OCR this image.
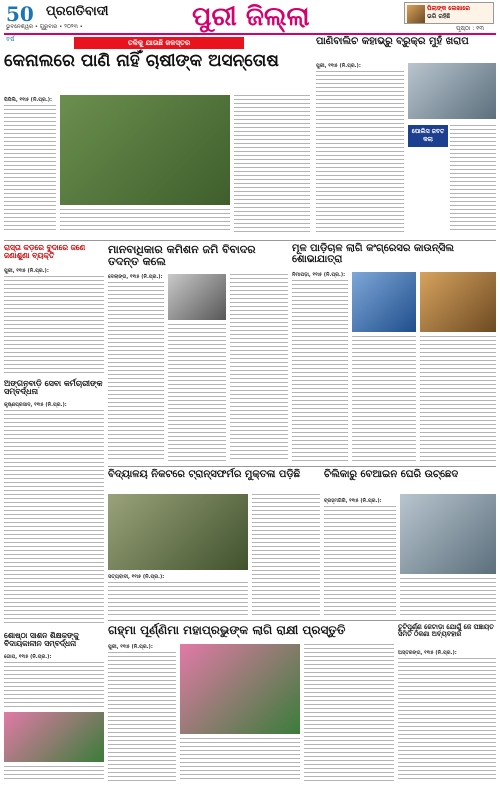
50 ବର୍ଷ
ପ୍ରଗତିବାଦୀ
ଭୁବନେଶ୍ୱର • ଗୁରୁବାର • ୨୦୨୩ •	ପୁରୀ ଜିଲ୍ଲା	ପିଲାଙ୍କ ଲେଖାରେ
ଭରି ରହିଛି
ପୃଷ୍ଠା : ୧୩
ତଳିକୁ ଯାଉଛି ଜଳସ୍ତର
କେନାଲରେ ପାଣି ନାହିଁ ଚାଷୀଙ୍କ ଅସନ୍ତୋଷ
ପିପିଲି, ୧୧ା୫ (ନି.ପ୍ର.):
ପାଣିବାଲିଚ କହାଭ୍ରୁ ବ୍ରୁକ୍‌ର ମୁହଁ ଖରାପ
ପୁରୀ, ୧୧ା୫ (ନି.ପ୍ର.):
ପୋଲିସ ଜବତ କଲା
ରାସ୍ତା କଡ଼ରେ ବୁଦାରେ ଜଣେ ଜଣାଶୁଣା ବ୍ୟକ୍ତି
ପୁରୀ, ୧୧ା୫ (ନି.ପ୍ର.):
ମାନବାଧିକାର କମିଶନ ଜମି ବିବାଦର ତଦନ୍ତ କଲେ
ଦେଲାଙ୍ଗ, ୧୧ା୫ (ନି.ପ୍ର.):
ମୂଳ ପାଡ଼ିଚାଳ ଲାଗି କଂଗ୍ରେସର କାଉନ୍‌ସିଲ ଶୋଭାଯାତ୍ରା
ନିମାପଡ଼ା, ୧୧ା୫ (ନି.ପ୍ର.):
ଅଙ୍ଗନବାଡ଼ି ସେବା କର୍ମଚାରୀଙ୍କ ସମ୍ବର୍ଦ୍ଧନା
କୃଷ୍ଣପ୍ରସାଦ, ୧୧ା୫ (ନି.ପ୍ର.):
ବିଦ୍ୟାଳୟ ନିକଟରେ ଟ୍ରାନ୍ସଫର୍ମର ମୁକ୍ତଳା ପଡ଼ିଛି
ସତ୍ୟବାଦୀ, ୧୧ା୫ (ନି.ପ୍ର.):
ଚିଲିକାରୁ ବେଆଇନ ଘେରି ଉଚ୍ଛେଦ
ବ୍ରହ୍ମଗିରି, ୧୧ା୫ (ନି.ପ୍ର.):
ଶୋଷ୍ଠା ସାଶନ ଶିକ୍ଷକଙ୍କୁ ବିଦାୟକାଳୀନ ସମ୍ବର୍ଦ୍ଧନା
ଗୋପ, ୧୧ା୫ (ନି.ପ୍ର.):
ଗହ୍ମା ପୂର୍ଣ୍ଣିମା ମହାପ୍ରଭୁଙ୍କ ଲାଗି ରାକ୍ଷୀ ପ୍ରସ୍ତୁତି
ପୁରୀ, ୧୧ା୫ (ନି.ପ୍ର.):
ତୁଟିପୂର୍ଣ୍ଣ ଜେଟାଡ଼ା ଯୋଗୁଁ ଜେ ପଞ୍ଚାୟତ ସମିତି ଠିକଣା ଅବ୍ୟବହାର
ଅସ୍ତରଙ୍ଗ, ୧୧ା୫ (ନି.ପ୍ର.):
